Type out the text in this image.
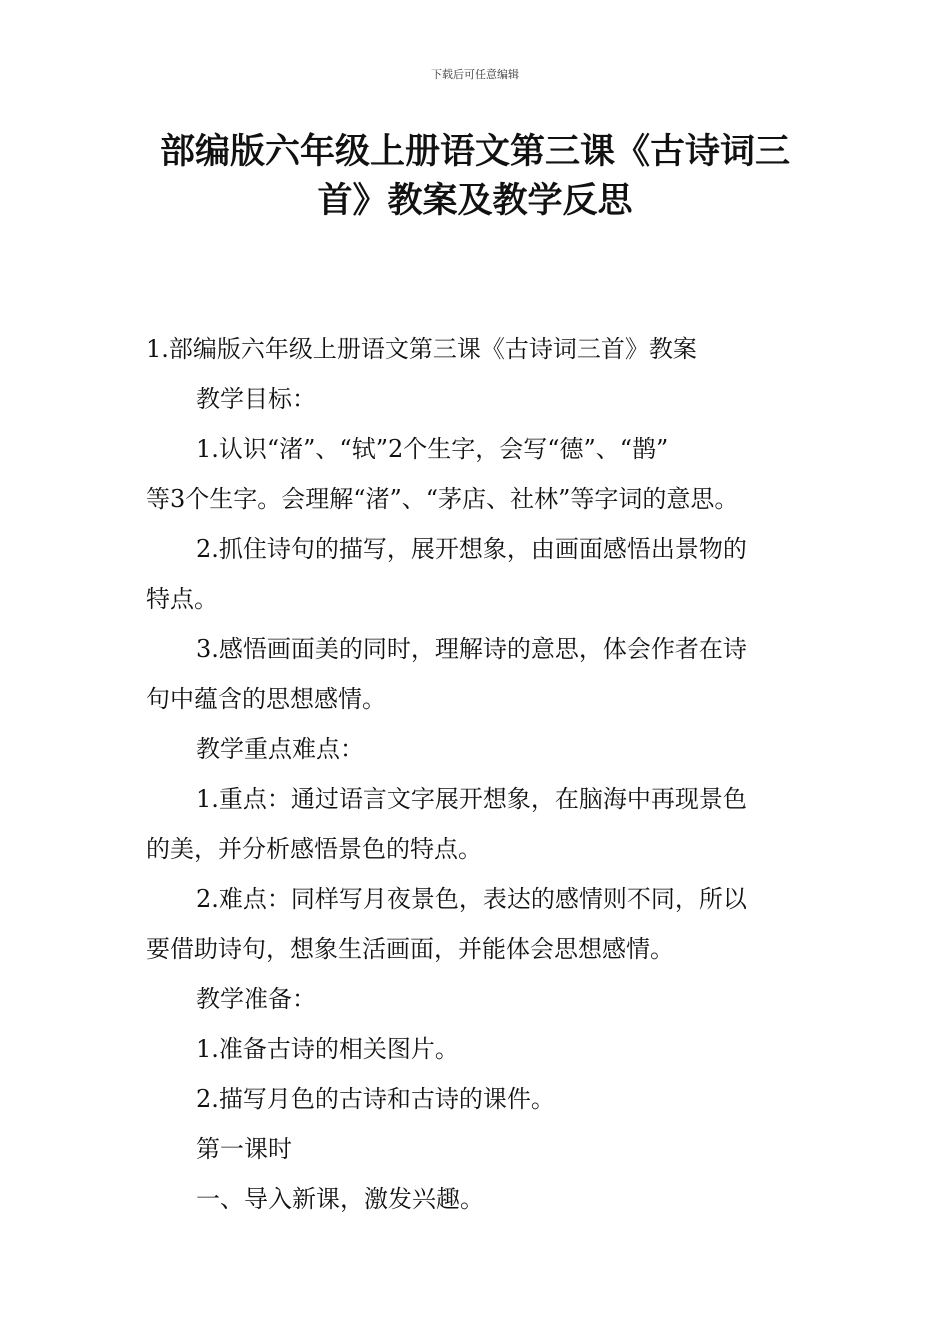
下载后可任意编辑
部编版六年级上册语文第三课《古诗词三
首》教案及教学反思

1.部编版六年级上册语文第三课《古诗词三首》教案

教学目标：

1.认识“渚”、“轼”2个生字，会写“德”、“鹊”

等3个生字。会理解“渚”、“茅店、社林”等字词的意思。

2.抓住诗句的描写，展开想象，由画面感悟出景物的

特点。

3.感悟画面美的同时，理解诗的意思，体会作者在诗

句中蕴含的思想感情。

教学重点难点：

1.重点：通过语言文字展开想象，在脑海中再现景色

的美，并分析感悟景色的特点。

2.难点：同样写月夜景色，表达的感情则不同，所以

要借助诗句，想象生活画面，并能体会思想感情。

教学准备：

1.准备古诗的相关图片。

2.描写月色的古诗和古诗的课件。

第一课时

一、导入新课，激发兴趣。
